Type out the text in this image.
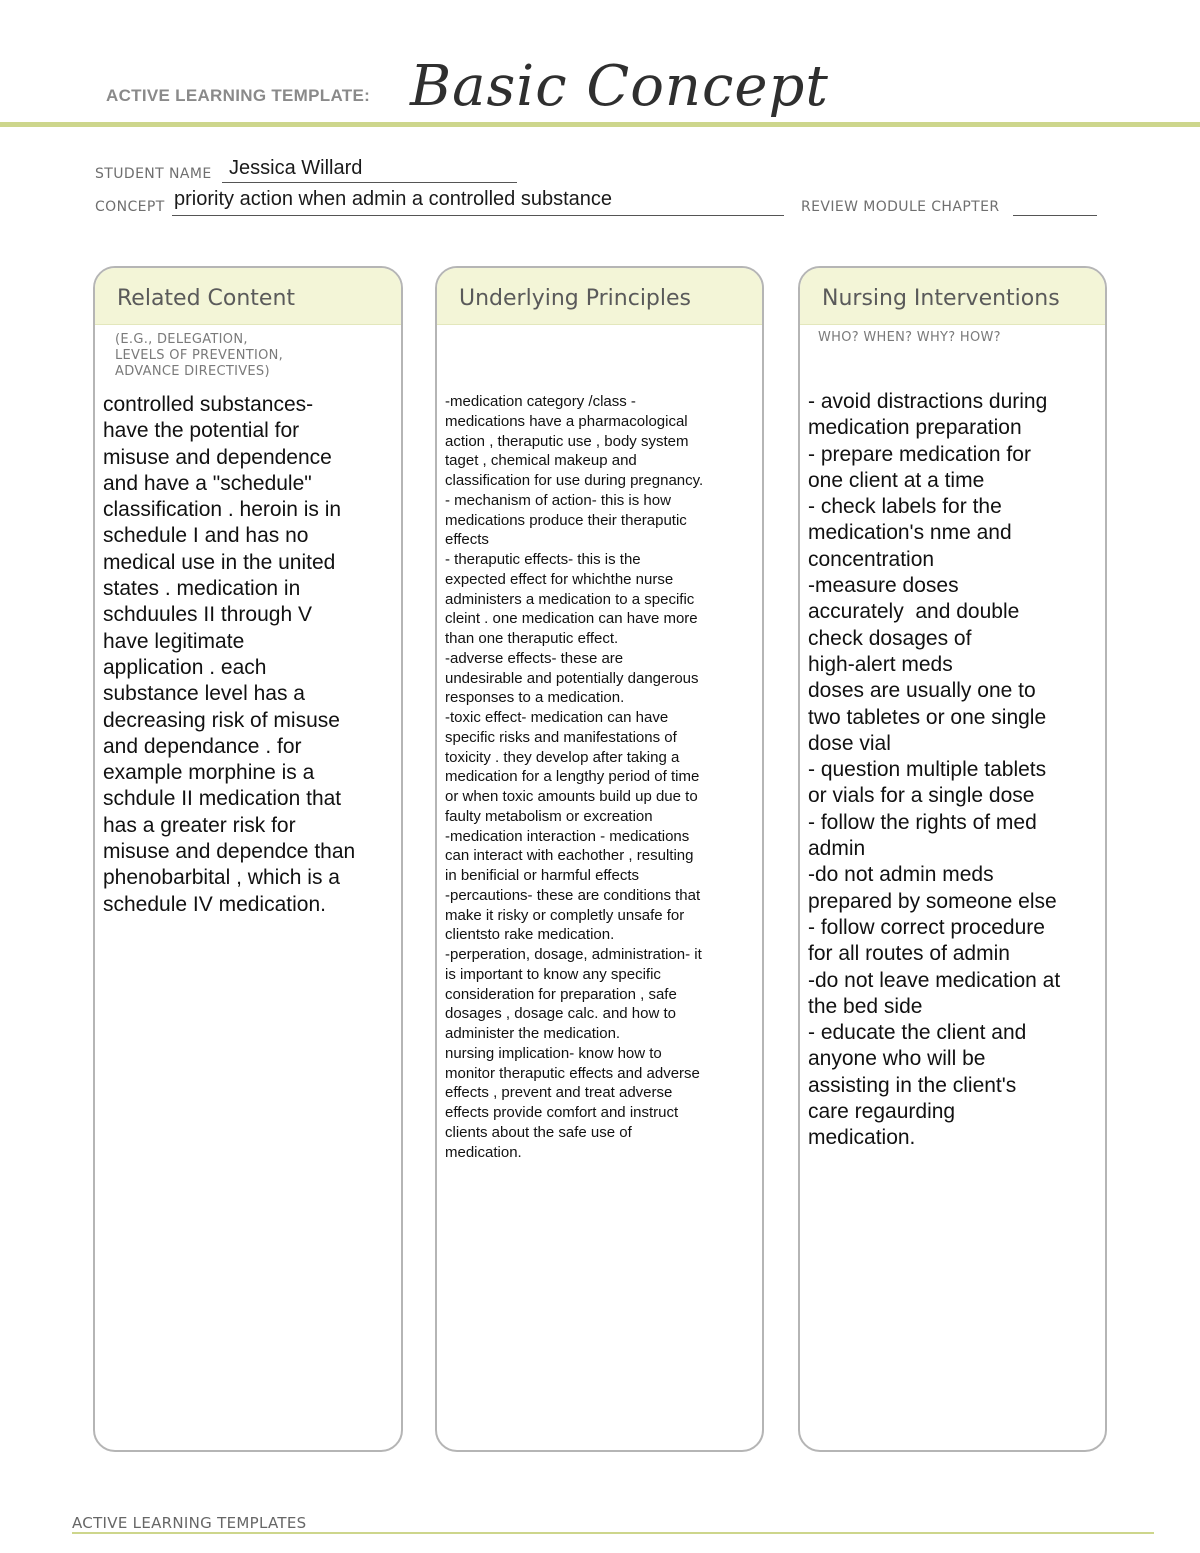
ACTIVE LEARNING TEMPLATE: Basic Concept
STUDENT NAME Jessica Willard
CONCEPT priority action when admin a controlled substance	REVIEW MODULE CHAPTER
Related Content
(E.G., DELEGATION,
LEVELS OF PREVENTION,
ADVANCE DIRECTIVES)
controlled substances-
have the potential for
misuse and dependence
and have a "schedule"
classification . heroin is in
schedule I and has no
medical use in the united
states . medication in
schduules II through V
have legitimate
application . each
substance level has a
decreasing risk of misuse
and dependance . for
example morphine is a
schdule II medication that
has a greater risk for
misuse and dependce than
phenobarbital , which is a
schedule IV medication.
Underlying Principles
-medication category /class -
medications have a pharmacological
action , theraputic use , body system
taget , chemical makeup and
classification for use during pregnancy.
- mechanism of action- this is how
medications produce their theraputic
effects
- theraputic effects- this is the
expected effect for whichthe nurse
administers a medication to a specific
cleint . one medication can have more
than one theraputic effect.
-adverse effects- these are
undesirable and potentially dangerous
responses to a medication.
-toxic effect- medication can have
specific risks and manifestations of
toxicity . they develop after taking a
medication for a lengthy period of time
or when toxic amounts build up due to
faulty metabolism or excreation
-medication interaction - medications
can interact with eachother , resulting
in benificial or harmful effects
-percautions- these are conditions that
make it risky or completly unsafe for
clientsto rake medication.
-perperation, dosage, administration- it
is important to know any specific
consideration for preparation , safe
dosages , dosage calc. and how to
administer the medication.
nursing implication- know how to
monitor theraputic effects and adverse
effects , prevent and treat adverse
effects provide comfort and instruct
clients about the safe use of
medication.
Nursing Interventions
WHO? WHEN? WHY? HOW?
- avoid distractions during
medication preparation
- prepare medication for
one client at a time
- check labels for the
medication's nme and
concentration
-measure doses
accurately  and double
check dosages of
high-alert meds
doses are usually one to
two tabletes or one single
dose vial
- question multiple tablets
or vials for a single dose
- follow the rights of med
admin
-do not admin meds
prepared by someone else
- follow correct procedure
for all routes of admin
-do not leave medication at
the bed side
- educate the client and
anyone who will be
assisting in the client's
care regaurding
medication.
ACTIVE LEARNING TEMPLATES
